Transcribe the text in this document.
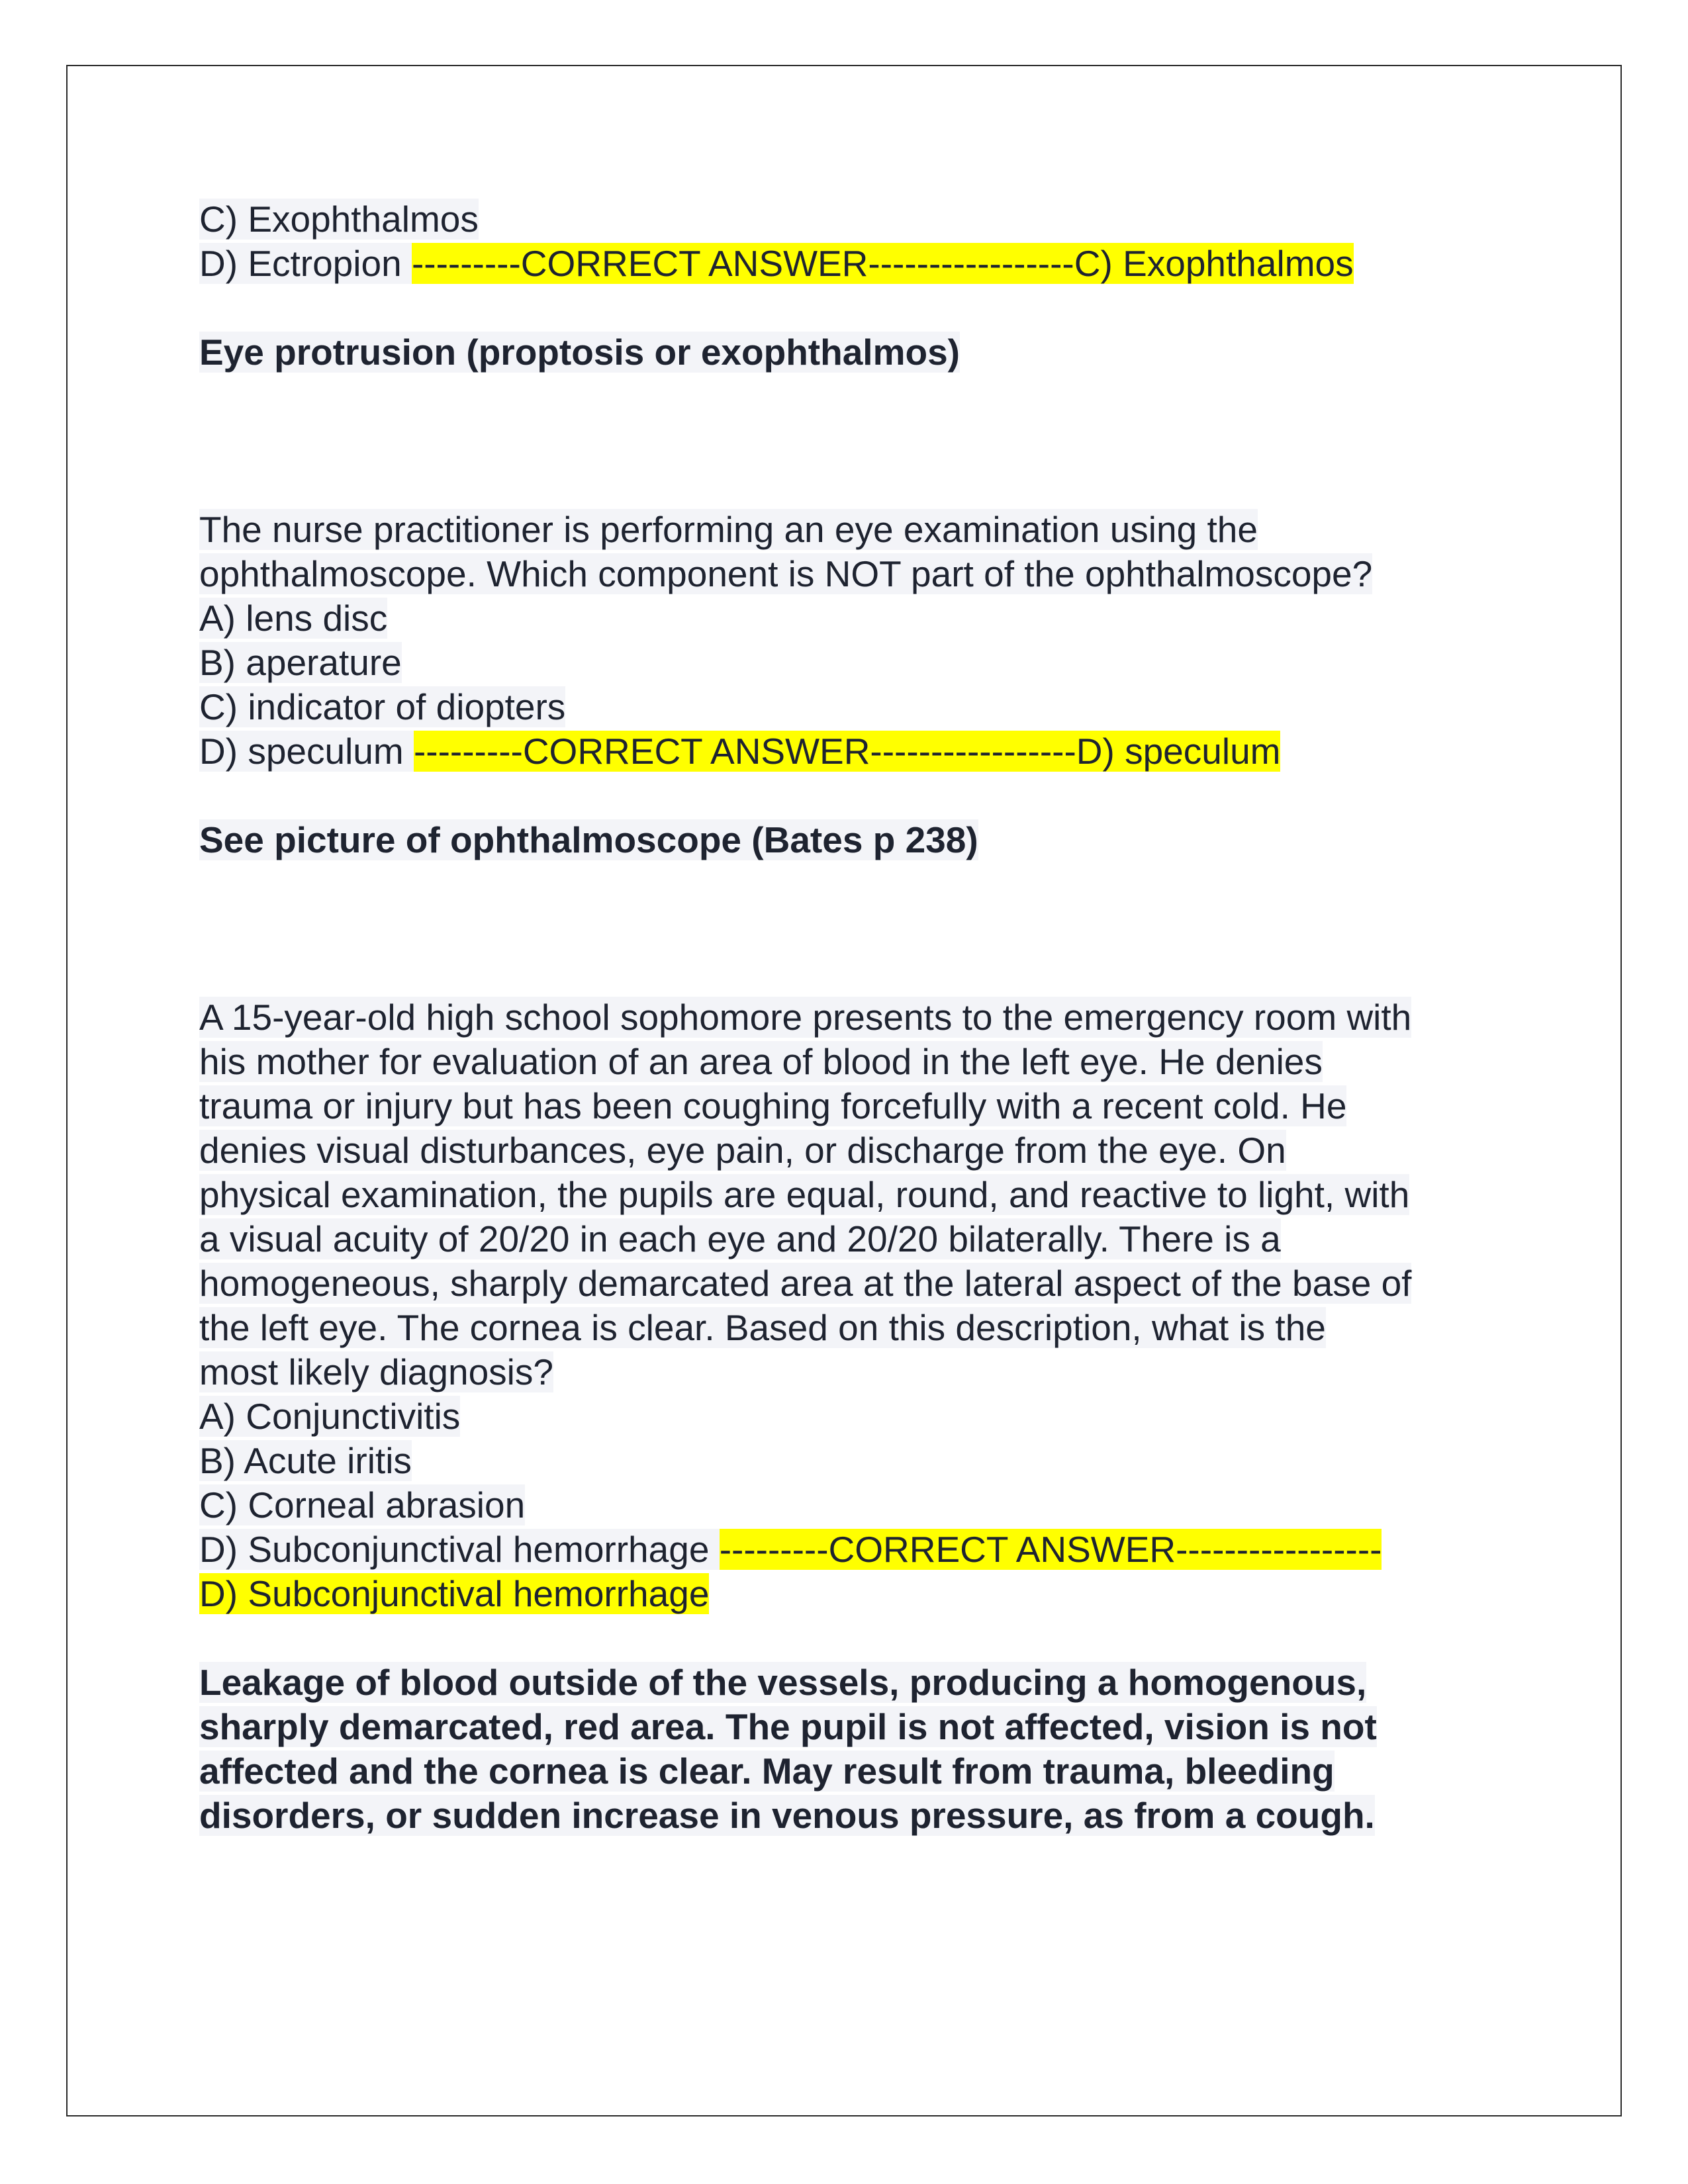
C) Exophthalmos
D) Ectropion ---------CORRECT ANSWER-----------------C) Exophthalmos
Eye protrusion (proptosis or exophthalmos)
The nurse practitioner is performing an eye examination using the
ophthalmoscope. Which component is NOT part of the ophthalmoscope?
A) lens disc
B) aperature
C) indicator of diopters
D) speculum ---------CORRECT ANSWER-----------------D) speculum
See picture of ophthalmoscope (Bates p 238)
A 15-year-old high school sophomore presents to the emergency room with
his mother for evaluation of an area of blood in the left eye. He denies
trauma or injury but has been coughing forcefully with a recent cold. He
denies visual disturbances, eye pain, or discharge from the eye. On
physical examination, the pupils are equal, round, and reactive to light, with
a visual acuity of 20/20 in each eye and 20/20 bilaterally. There is a
homogeneous, sharply demarcated area at the lateral aspect of the base of
the left eye. The cornea is clear. Based on this description, what is the
most likely diagnosis?
A) Conjunctivitis
B) Acute iritis
C) Corneal abrasion
D) Subconjunctival hemorrhage ---------CORRECT ANSWER-----------------
D) Subconjunctival hemorrhage
Leakage of blood outside of the vessels, producing a homogenous,
sharply demarcated, red area. The pupil is not affected, vision is not
affected and the cornea is clear. May result from trauma, bleeding
disorders, or sudden increase in venous pressure, as from a cough.
